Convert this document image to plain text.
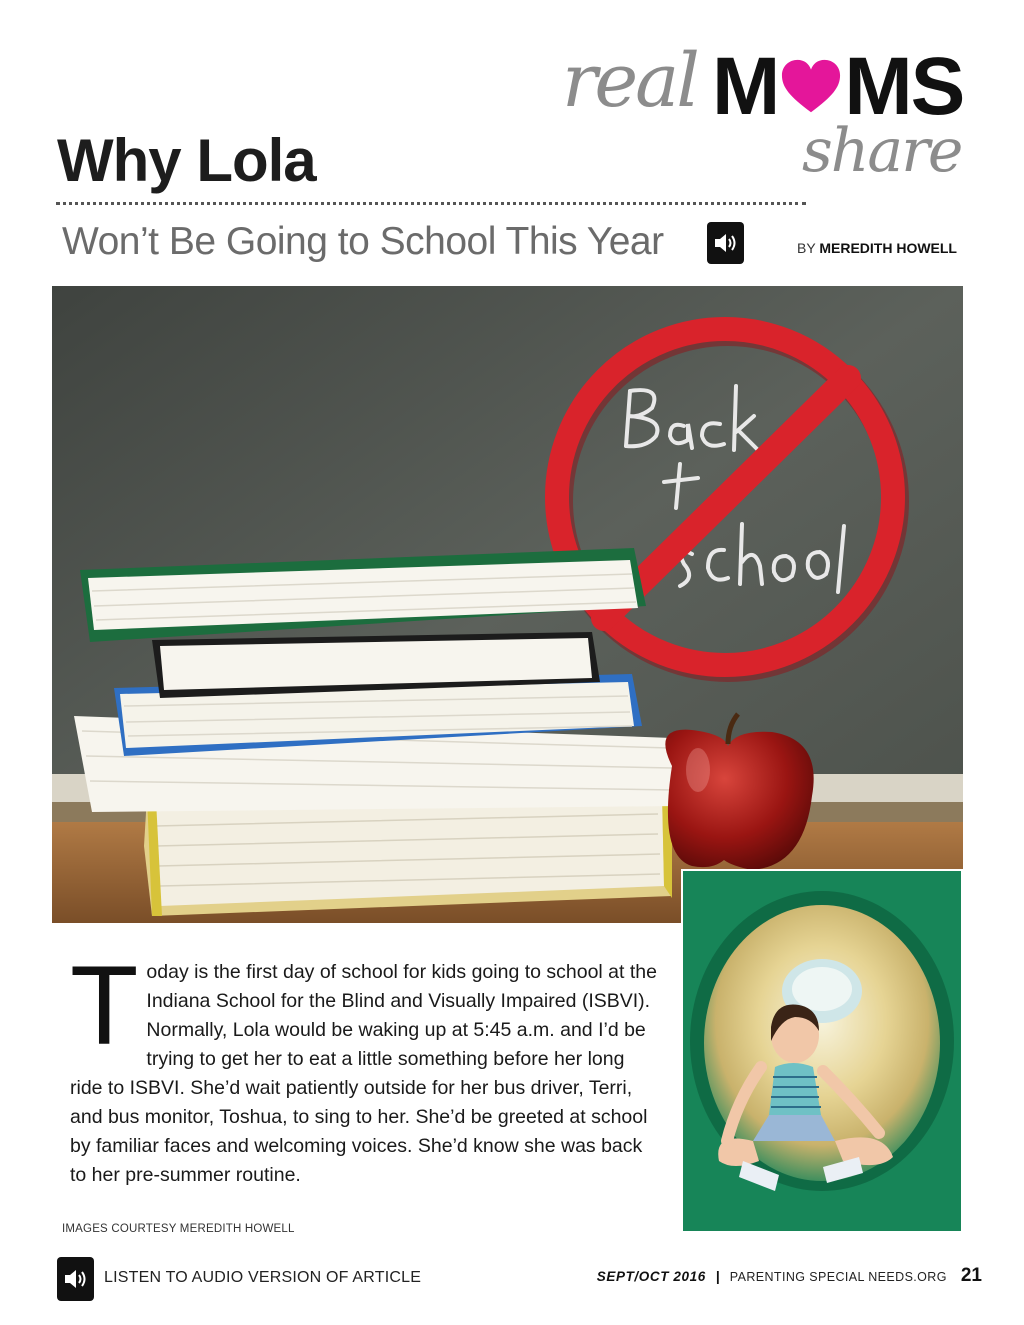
real M MS
share
Why Lola
Won’t Be Going to School This Year	BY MEREDITH HOWELL
Today is the first day of school for kids going to school at the Indiana School for the Blind and Visually Impaired (ISBVI). Normally, Lola would be waking up at 5:45 a.m. and I’d be trying to get her to eat a little something before her long ride to ISBVI. She’d wait patiently outside for her bus driver, Terri, and bus monitor, Toshua, to sing to her. She’d be greeted at school by familiar faces and welcoming voices. She’d know she was back to her pre-summer routine.
IMAGES COURTESY MEREDITH HOWELL
LISTEN TO AUDIO VERSION OF ARTICLE	SEPT/OCT 2016 | PARENTING SPECIAL NEEDS.ORG 21
